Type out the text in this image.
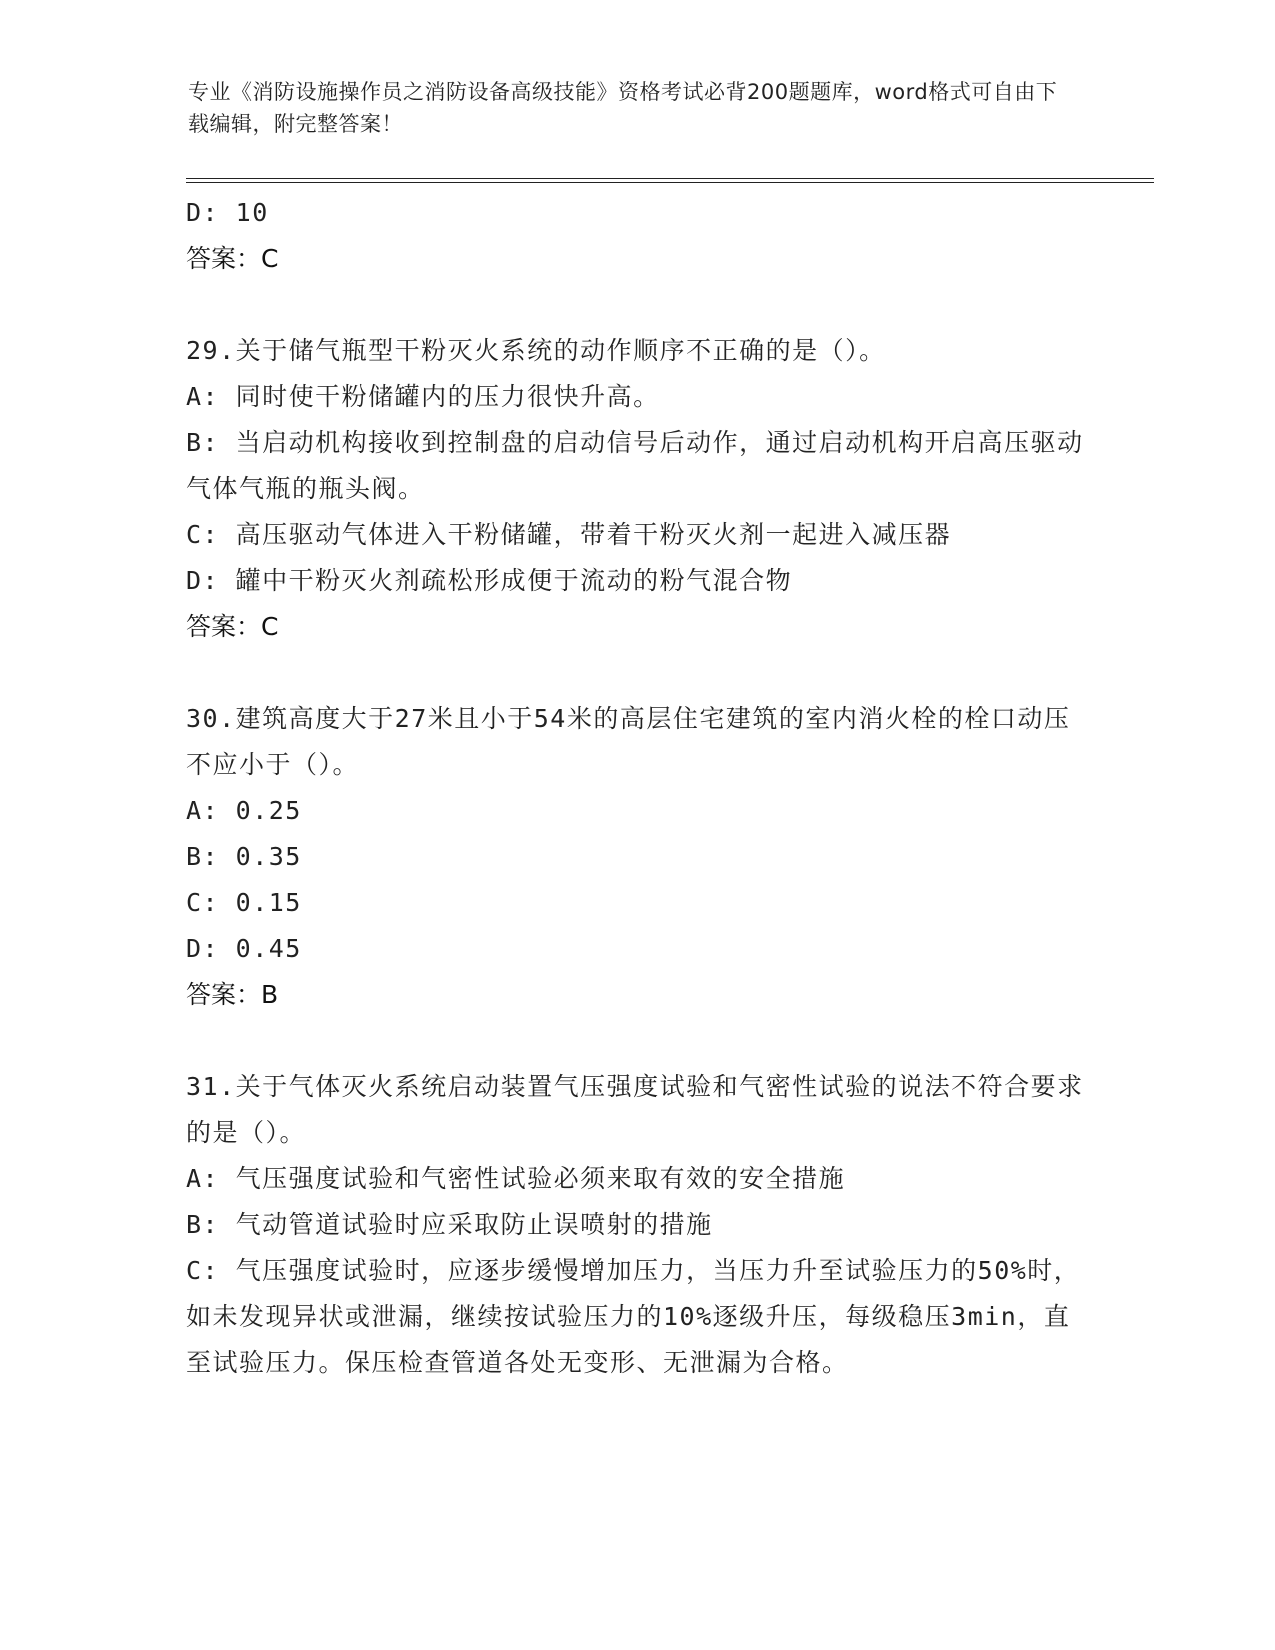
专业《消防设施操作员之消防设备高级技能》资格考试必背200题题库，word格式可自由下载编辑，附完整答案！
D: 10
答案：C
29.关于储气瓶型干粉灭火系统的动作顺序不正确的是（）。
A: 同时使干粉储罐内的压力很快升高。
B: 当启动机构接收到控制盘的启动信号后动作，通过启动机构开启高压驱动气体气瓶的瓶头阀。
C: 高压驱动气体进入干粉储罐，带着干粉灭火剂一起进入减压器
D: 罐中干粉灭火剂疏松形成便于流动的粉气混合物
答案：C
30.建筑高度大于27米且小于54米的高层住宅建筑的室内消火栓的栓口动压不应小于（）。
A: 0.25
B: 0.35
C: 0.15
D: 0.45
答案：B
31.关于气体灭火系统启动装置气压强度试验和气密性试验的说法不符合要求的是（）。
A: 气压强度试验和气密性试验必须来取有效的安全措施
B: 气动管道试验时应采取防止误喷射的措施
C: 气压强度试验时，应逐步缓慢增加压力，当压力升至试验压力的50%时，如未发现异状或泄漏，继续按试验压力的10%逐级升压，每级稳压3min，直至试验压力。保压检查管道各处无变形、无泄漏为合格。
